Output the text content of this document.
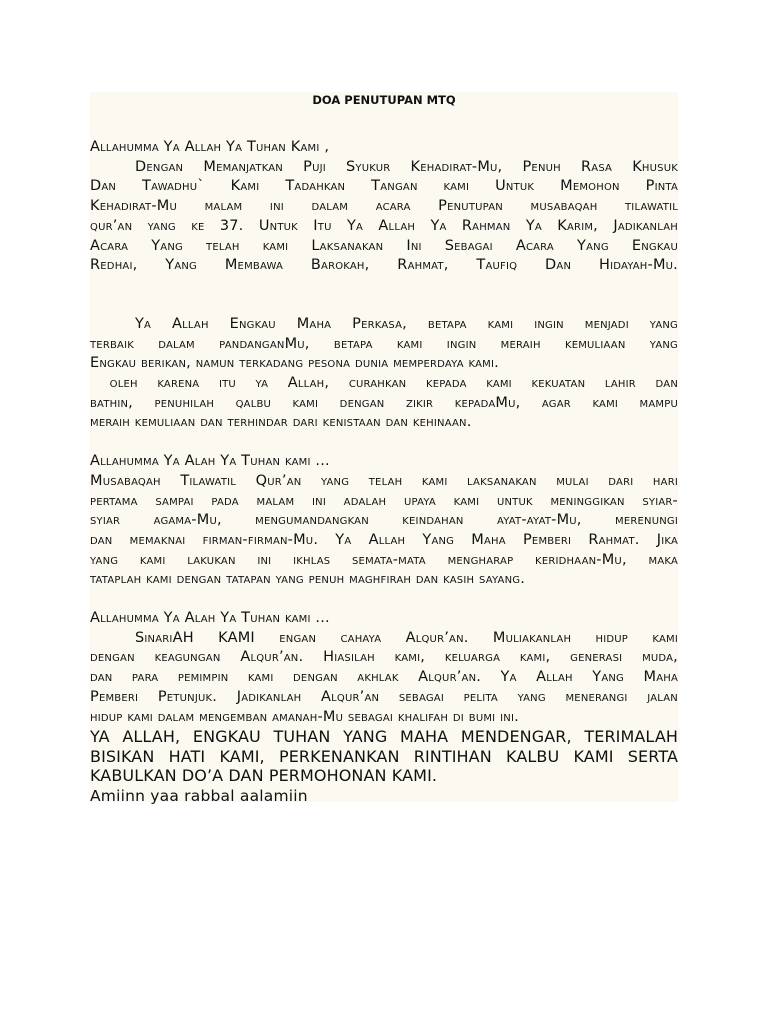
DOA PENUTUPAN MTQ

Allahumma Ya Allah Ya Tuhan Kami ,
Dengan Memanjatkan Puji Syukur Kehadirat-Mu, Penuh Rasa Khusuk
Dan Tawadhu` Kami Tadahkan Tangan kami Untuk Memohon Pinta
Kehadirat-Mu malam ini dalam acara Penutupan musabaqah tilawatil
qur’an yang ke 37. Untuk Itu Ya Allah Ya Rahman Ya Karim, Jadikanlah
Acara Yang telah kami Laksanakan Ini Sebagai Acara Yang Engkau
Redhai, Yang Membawa Barokah, Rahmat, Taufiq Dan Hidayah-Mu.
Ya Allah Engkau Maha Perkasa, betapa kami ingin menjadi yang
terbaik dalam pandanganMu, betapa kami ingin meraih kemuliaan yang
Engkau berikan, namun terkadang pesona dunia memperdaya kami.
oleh karena itu ya Allah, curahkan kepada kami kekuatan lahir dan
bathin, penuhilah qalbu kami dengan zikir kepadaMu, agar kami mampu
meraih kemuliaan dan terhindar dari kenistaan dan kehinaan.
Allahumma Ya Alah Ya Tuhan kami ...
Musabaqah Tilawatil Qur’an yang telah kami laksanakan mulai dari hari
pertama sampai pada malam ini adalah upaya kami untuk meninggikan syiar-
syiar agama-Mu, mengumandangkan keindahan ayat-ayat-Mu, merenungi
dan memaknai firman-firman-Mu. Ya Allah Yang Maha Pemberi Rahmat. Jika
yang kami lakukan ini ikhlas semata-mata mengharap keridhaan-Mu, maka
tataplah kami dengan tatapan yang penuh maghfirah dan kasih sayang.
Allahumma Ya Alah Ya Tuhan kami ...
SinariAH KAMI engan cahaya Alqur’an. Muliakanlah hidup kami
dengan keagungan Alqur’an. Hiasilah kami, keluarga kami, generasi muda,
dan para pemimpin kami dengan akhlak Alqur’an. Ya Allah Yang Maha
Pemberi Petunjuk. Jadikanlah Alqur’an sebagai pelita yang menerangi jalan
hidup kami dalam mengemban amanah-Mu sebagai khalifah di bumi ini.
YA ALLAH, ENGKAU TUHAN YANG MAHA MENDENGAR, TERIMALAH
BISIKAN HATI KAMI, PERKENANKAN RINTIHAN KALBU KAMI SERTA
KABULKAN DO’A DAN PERMOHONAN KAMI.
Amiinn yaa rabbal aalamiin
